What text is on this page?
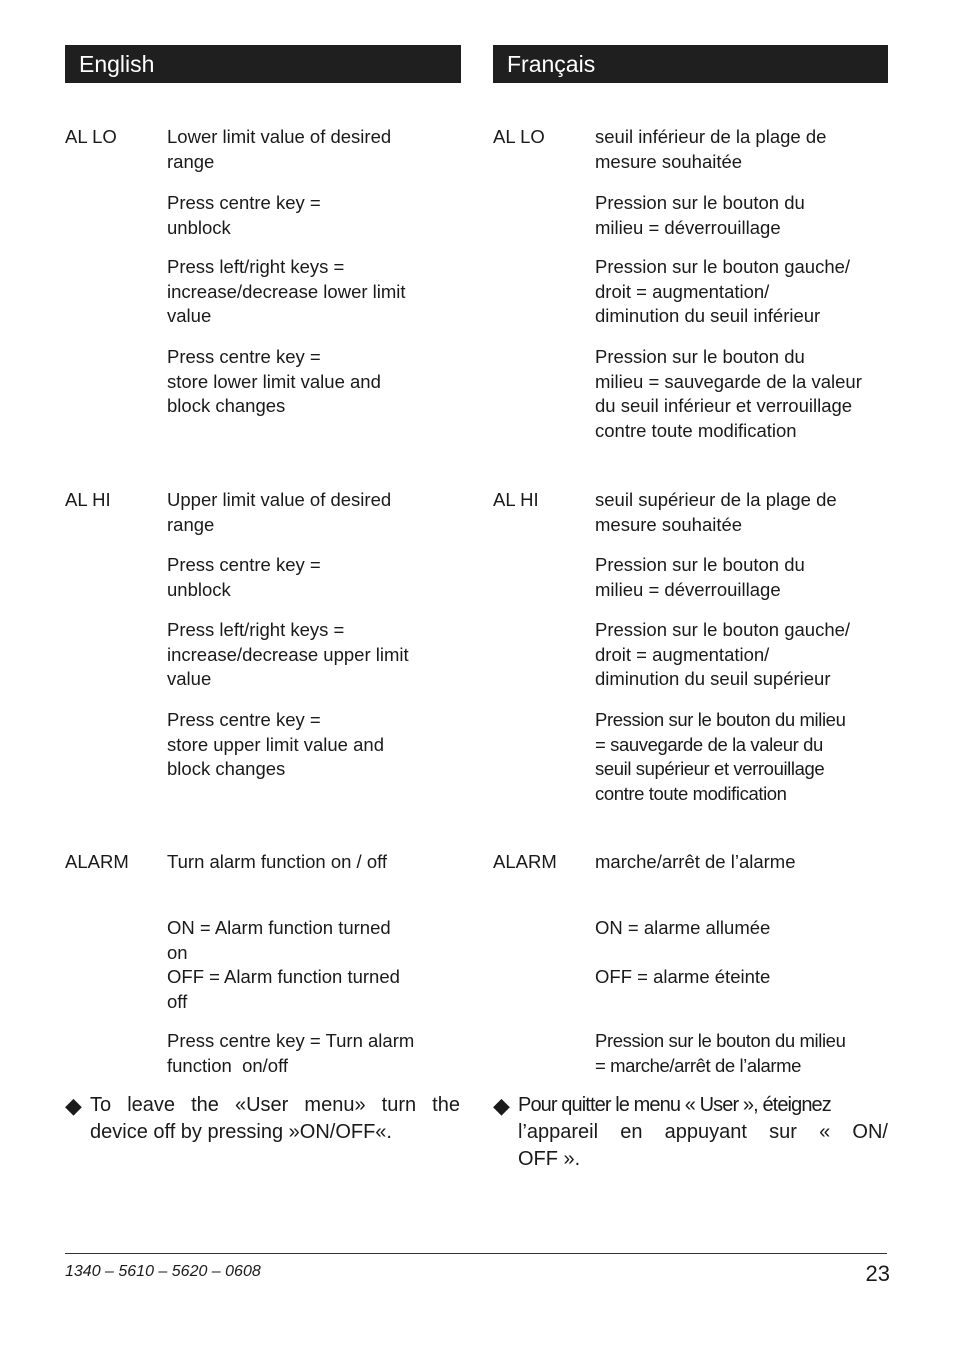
English	Français
AL LO	Lower limit value of desired
range
Press centre key =
unblock
Press left/right keys =
increase/decrease lower limit
value
Press centre key =
store lower limit value and
block changes
AL HI	Upper limit value of desired
range
Press centre key =
unblock
Press left/right keys =
increase/decrease upper limit
value
Press centre key =
store upper limit value and
block changes
ALARM Turn alarm function on / off
ON = Alarm function turned
on
OFF = Alarm function turned
off
Press centre key = Turn alarm
function  on/off
◆ To leave the «User menu» turn the
device off by pressing »ON/OFF«.
AL LO	seuil inférieur de la plage de
mesure souhaitée
Pression sur le bouton du
milieu = déverrouillage
Pression sur le bouton gauche/
droit = augmentation/
diminution du seuil inférieur
Pression sur le bouton du
milieu = sauvegarde de la valeur
du seuil inférieur et verrouillage
contre toute modification
AL HI	seuil supérieur de la plage de
mesure souhaitée
Pression sur le bouton du
milieu = déverrouillage
Pression sur le bouton gauche/
droit = augmentation/
diminution du seuil supérieur
Pression sur le bouton du milieu
= sauvegarde de la valeur du
seuil supérieur et verrouillage
contre toute modification
ALARM marche/arrêt de l’alarme
ON = alarme allumée
OFF = alarme éteinte
Pression sur le bouton du milieu
= marche/arrêt de l’alarme
◆ Pour quitter le menu « User », éteignez
l’appareil en appuyant sur « ON/
OFF ».
1340 – 5610 – 5620 – 0608	23
